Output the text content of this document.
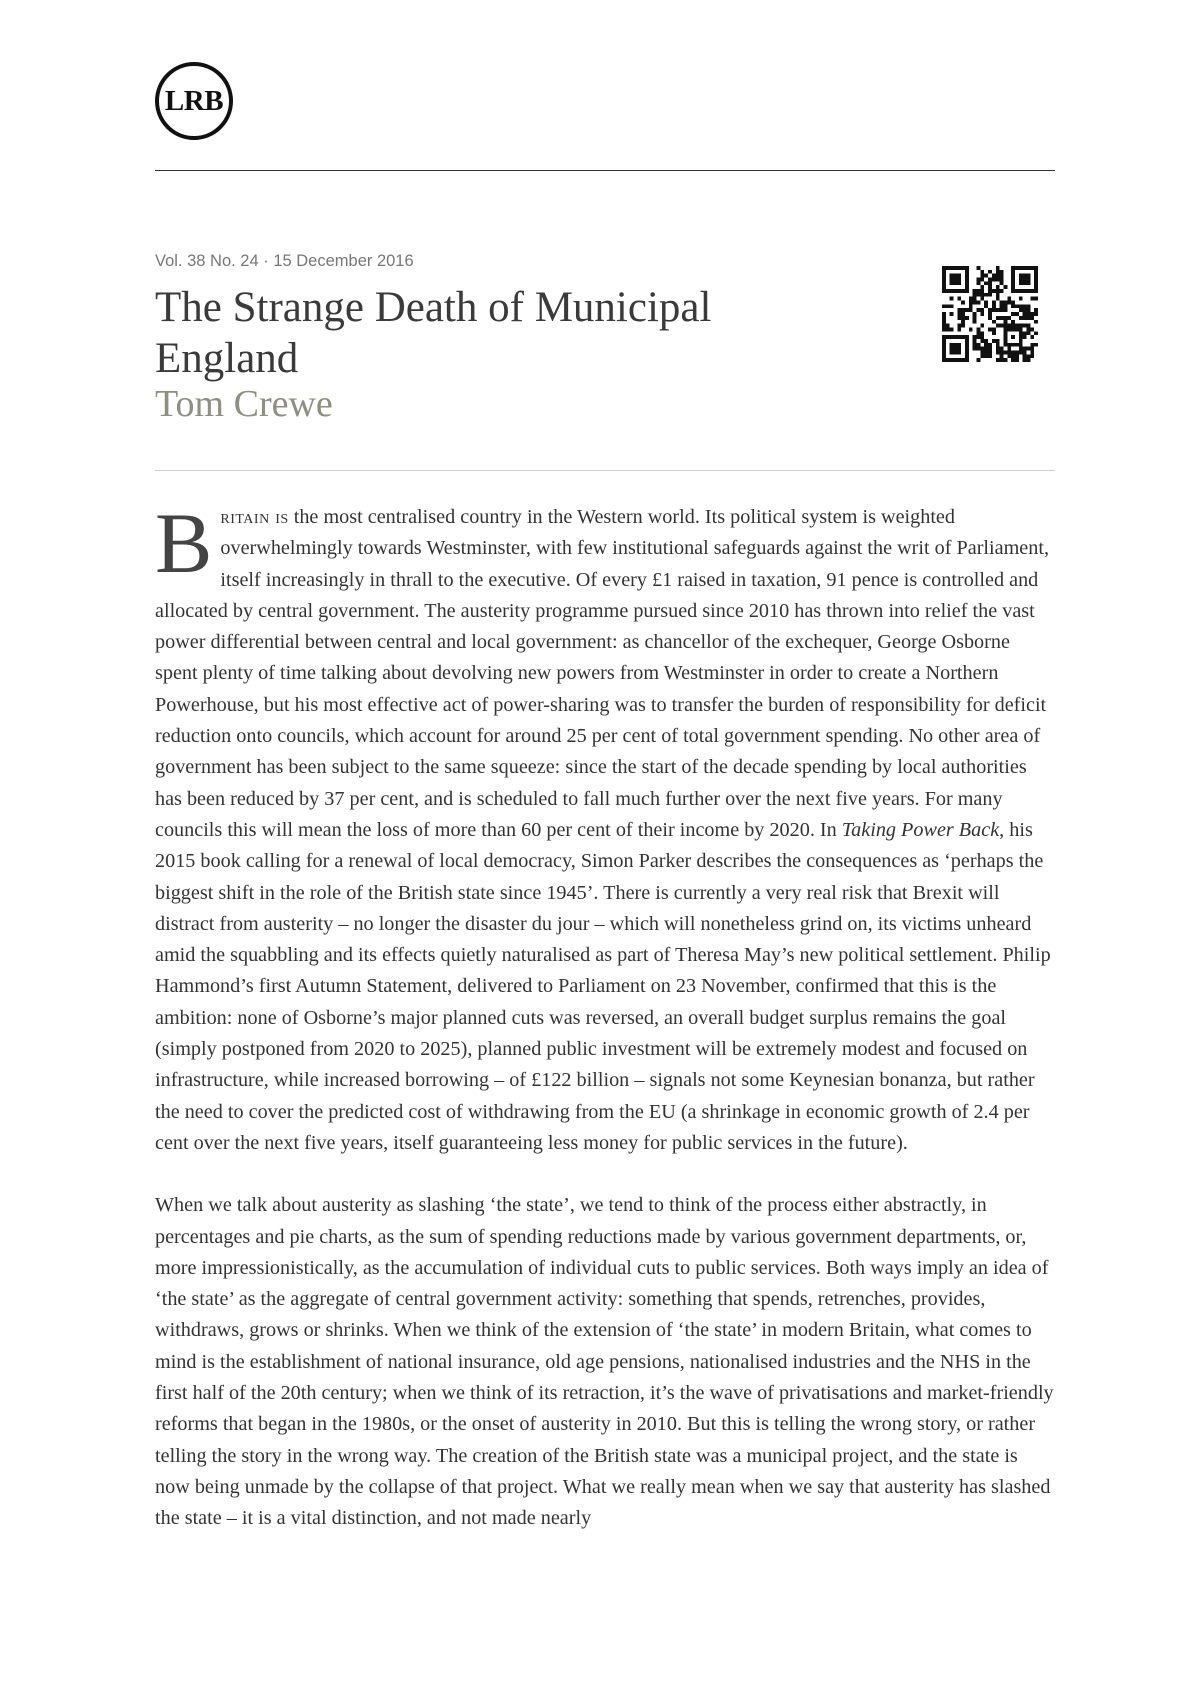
LRB
Vol. 38 No. 24 · 15 December 2016
The Strange Death of Municipal England
Tom Crewe

Britain is the most centralised country in the Western world. Its political system is weighted overwhelmingly towards Westminster, with few institutional safeguards against the writ of Parliament, itself increasingly in thrall to the executive. Of every £1 raised in taxation, 91 pence is controlled and allocated by central government. The austerity programme pursued since 2010 has thrown into relief the vast power differential between central and local government: as chancellor of the exchequer, George Osborne spent plenty of time talking about devolving new powers from Westminster in order to create a Northern Powerhouse, but his most effective act of power-sharing was to transfer the burden of responsibility for deficit reduction onto councils, which account for around 25 per cent of total government spending. No other area of government has been subject to the same squeeze: since the start of the decade spending by local authorities has been reduced by 37 per cent, and is scheduled to fall much further over the next five years. For many councils this will mean the loss of more than 60 per cent of their income by 2020. In Taking Power Back, his 2015 book calling for a renewal of local democracy, Simon Parker describes the consequences as ‘perhaps the biggest shift in the role of the British state since 1945’. There is currently a very real risk that Brexit will distract from austerity – no longer the disaster du jour – which will nonetheless grind on, its victims unheard amid the squabbling and its effects quietly naturalised as part of Theresa May’s new political settlement. Philip Hammond’s first Autumn Statement, delivered to Parliament on 23 November, confirmed that this is the ambition: none of Osborne’s major planned cuts was reversed, an overall budget surplus remains the goal (simply postponed from 2020 to 2025), planned public investment will be extremely modest and focused on infrastructure, while increased borrowing – of £122 billion – signals not some Keynesian bonanza, but rather the need to cover the predicted cost of withdrawing from the EU (a shrinkage in economic growth of 2.4 per cent over the next five years, itself guaranteeing less money for public services in the future).

When we talk about austerity as slashing ‘the state’, we tend to think of the process either abstractly, in percentages and pie charts, as the sum of spending reductions made by various government departments, or, more impressionistically, as the accumulation of individual cuts to public services. Both ways imply an idea of ‘the state’ as the aggregate of central government activity: something that spends, retrenches, provides, withdraws, grows or shrinks. When we think of the extension of ‘the state’ in modern Britain, what comes to mind is the establishment of national insurance, old age pensions, nationalised industries and the NHS in the first half of the 20th century; when we think of its retraction, it’s the wave of privatisations and market-friendly reforms that began in the 1980s, or the onset of austerity in 2010. But this is telling the wrong story, or rather telling the story in the wrong way. The creation of the British state was a municipal project, and the state is now being unmade by the collapse of that project. What we really mean when we say that austerity has slashed the state – it is a vital distinction, and not made nearly
